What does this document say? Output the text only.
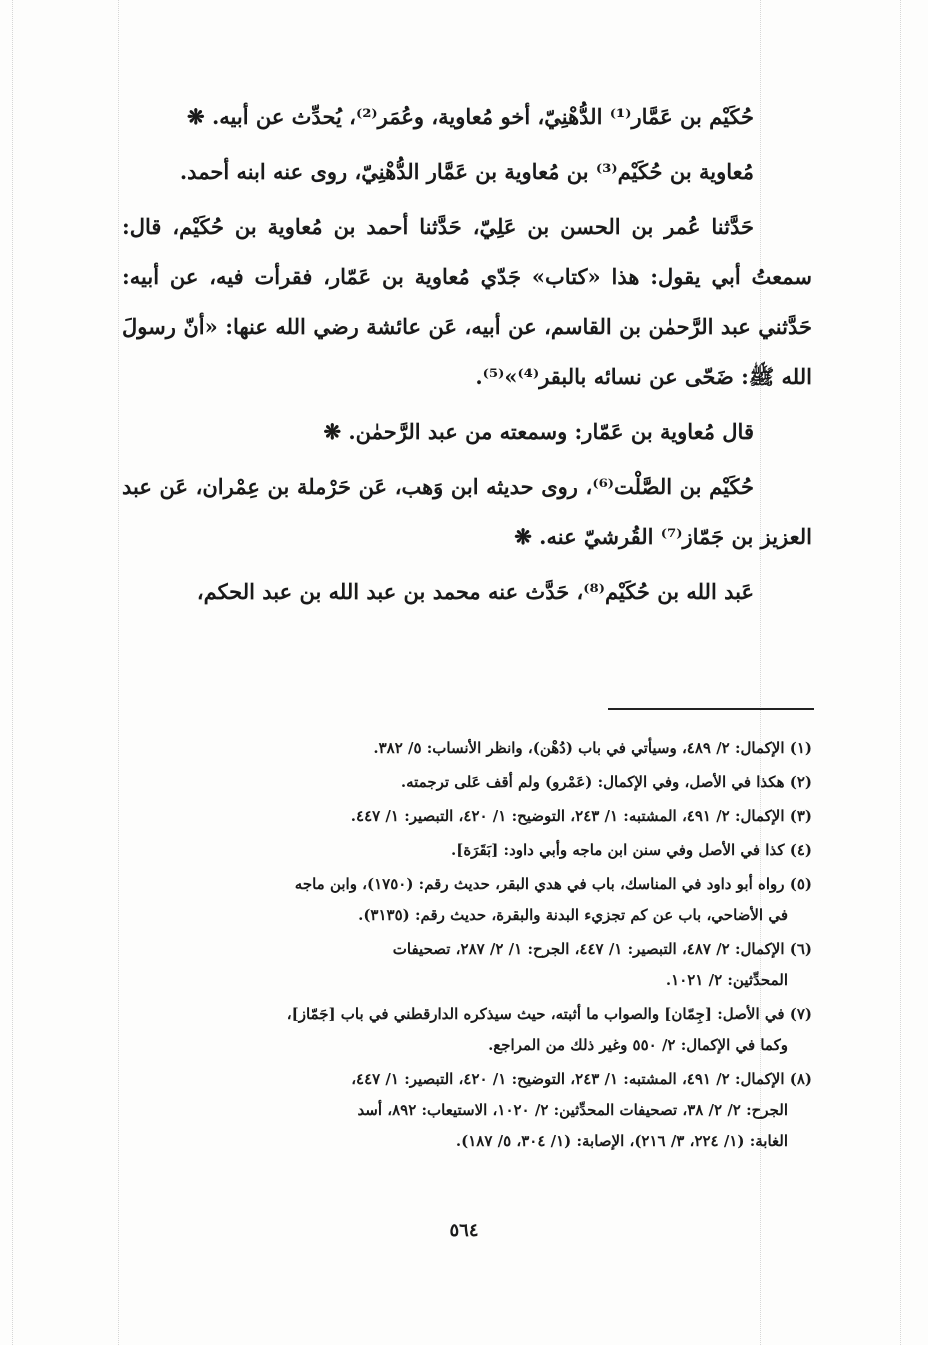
حُكَيْم بن عَمَّار⁽¹⁾ الدُّهْنِيّ، أخو مُعاوية، وعُمَر⁽²⁾، يُحدِّث عن أبيه. ❋

مُعاوية بن حُكَيْم⁽³⁾ بن مُعاوية بن عَمَّار الدُّهْنِيّ، روى عنه ابنه أحمد.

حَدَّثنا عُمر بن الحسن بن عَلِيّ، حَدَّثنا أحمد بن مُعاوية بن حُكَيْم، قال: سمعتُ أبي يقول: هذا «كتاب» جَدّي مُعاوية بن عَمّار، فقرأت فيه، عن أبيه: حَدَّثني عبد الرَّحمٰن بن القاسم، عن أبيه، عَن عائشة رضي الله عنها: «أنّ رسولَ الله ﷺ: ضَحّى عن نسائه بالبقر⁽⁴⁾»⁽⁵⁾.

قال مُعاوية بن عَمّار: وسمعته من عبد الرَّحمٰن. ❋

حُكَيْم بن الصَّلْت⁽⁶⁾، روى حديثه ابن وَهب، عَن حَرْملة بن عِمْران، عَن عبد العزيز بن جَمّاز⁽⁷⁾ القُرشيّ عنه. ❋

عَبد الله بن حُكَيْم⁽⁸⁾، حَدَّث عنه محمد بن عبد الله بن عبد الحكم،

(١) الإكمال: ٢/ ٤٨٩، وسيأتي في باب (دُهْن)، وانظر الأنساب: ٥/ ٣٨٢.

(٢) هكذا في الأصل، وفي الإكمال: (عَمْرو) ولم أقف عَلى ترجمته.

(٣) الإكمال: ٢/ ٤٩١، المشتبه: ١/ ٢٤٣، التوضيح: ١/ ٤٢٠، التبصير: ١/ ٤٤٧.

(٤) كذا في الأصل وفي سنن ابن ماجه وأبي داود: [بَقَرَة].

(٥) رواه أبو داود في المناسك، باب في هدي البقر، حديث رقم: (١٧٥٠)، وابن ماجه
في الأضاحي، باب عن كم تجزيء البدنة والبقرة، حديث رقم: (٣١٣٥).

(٦) الإكمال: ٢/ ٤٨٧، التبصير: ١/ ٤٤٧، الجرح: ١/ ٢/ ٢٨٧، تصحيفات
المحدِّثين: ٢/ ١٠٢١.

(٧) في الأصل: [جِمّان] والصواب ما أثبته، حيث سيذكره الدارقطني في باب [جَمّاز]،
وكما في الإكمال: ٢/ ٥٥٠ وغير ذلك من المراجع.

(٨) الإكمال: ٢/ ٤٩١، المشتبه: ١/ ٢٤٣، التوضيح: ١/ ٤٢٠، التبصير: ١/ ٤٤٧،
الجرح: ٢/ ٢/ ٣٨، تصحيفات المحدِّثين: ٢/ ١٠٢٠، الاستيعاب: ٨٩٢، أسد
الغابة: (١/ ٢٢٤، ٣/ ٢١٦)، الإصابة: (١/ ٣٠٤، ٥/ ١٨٧).

٥٦٤
